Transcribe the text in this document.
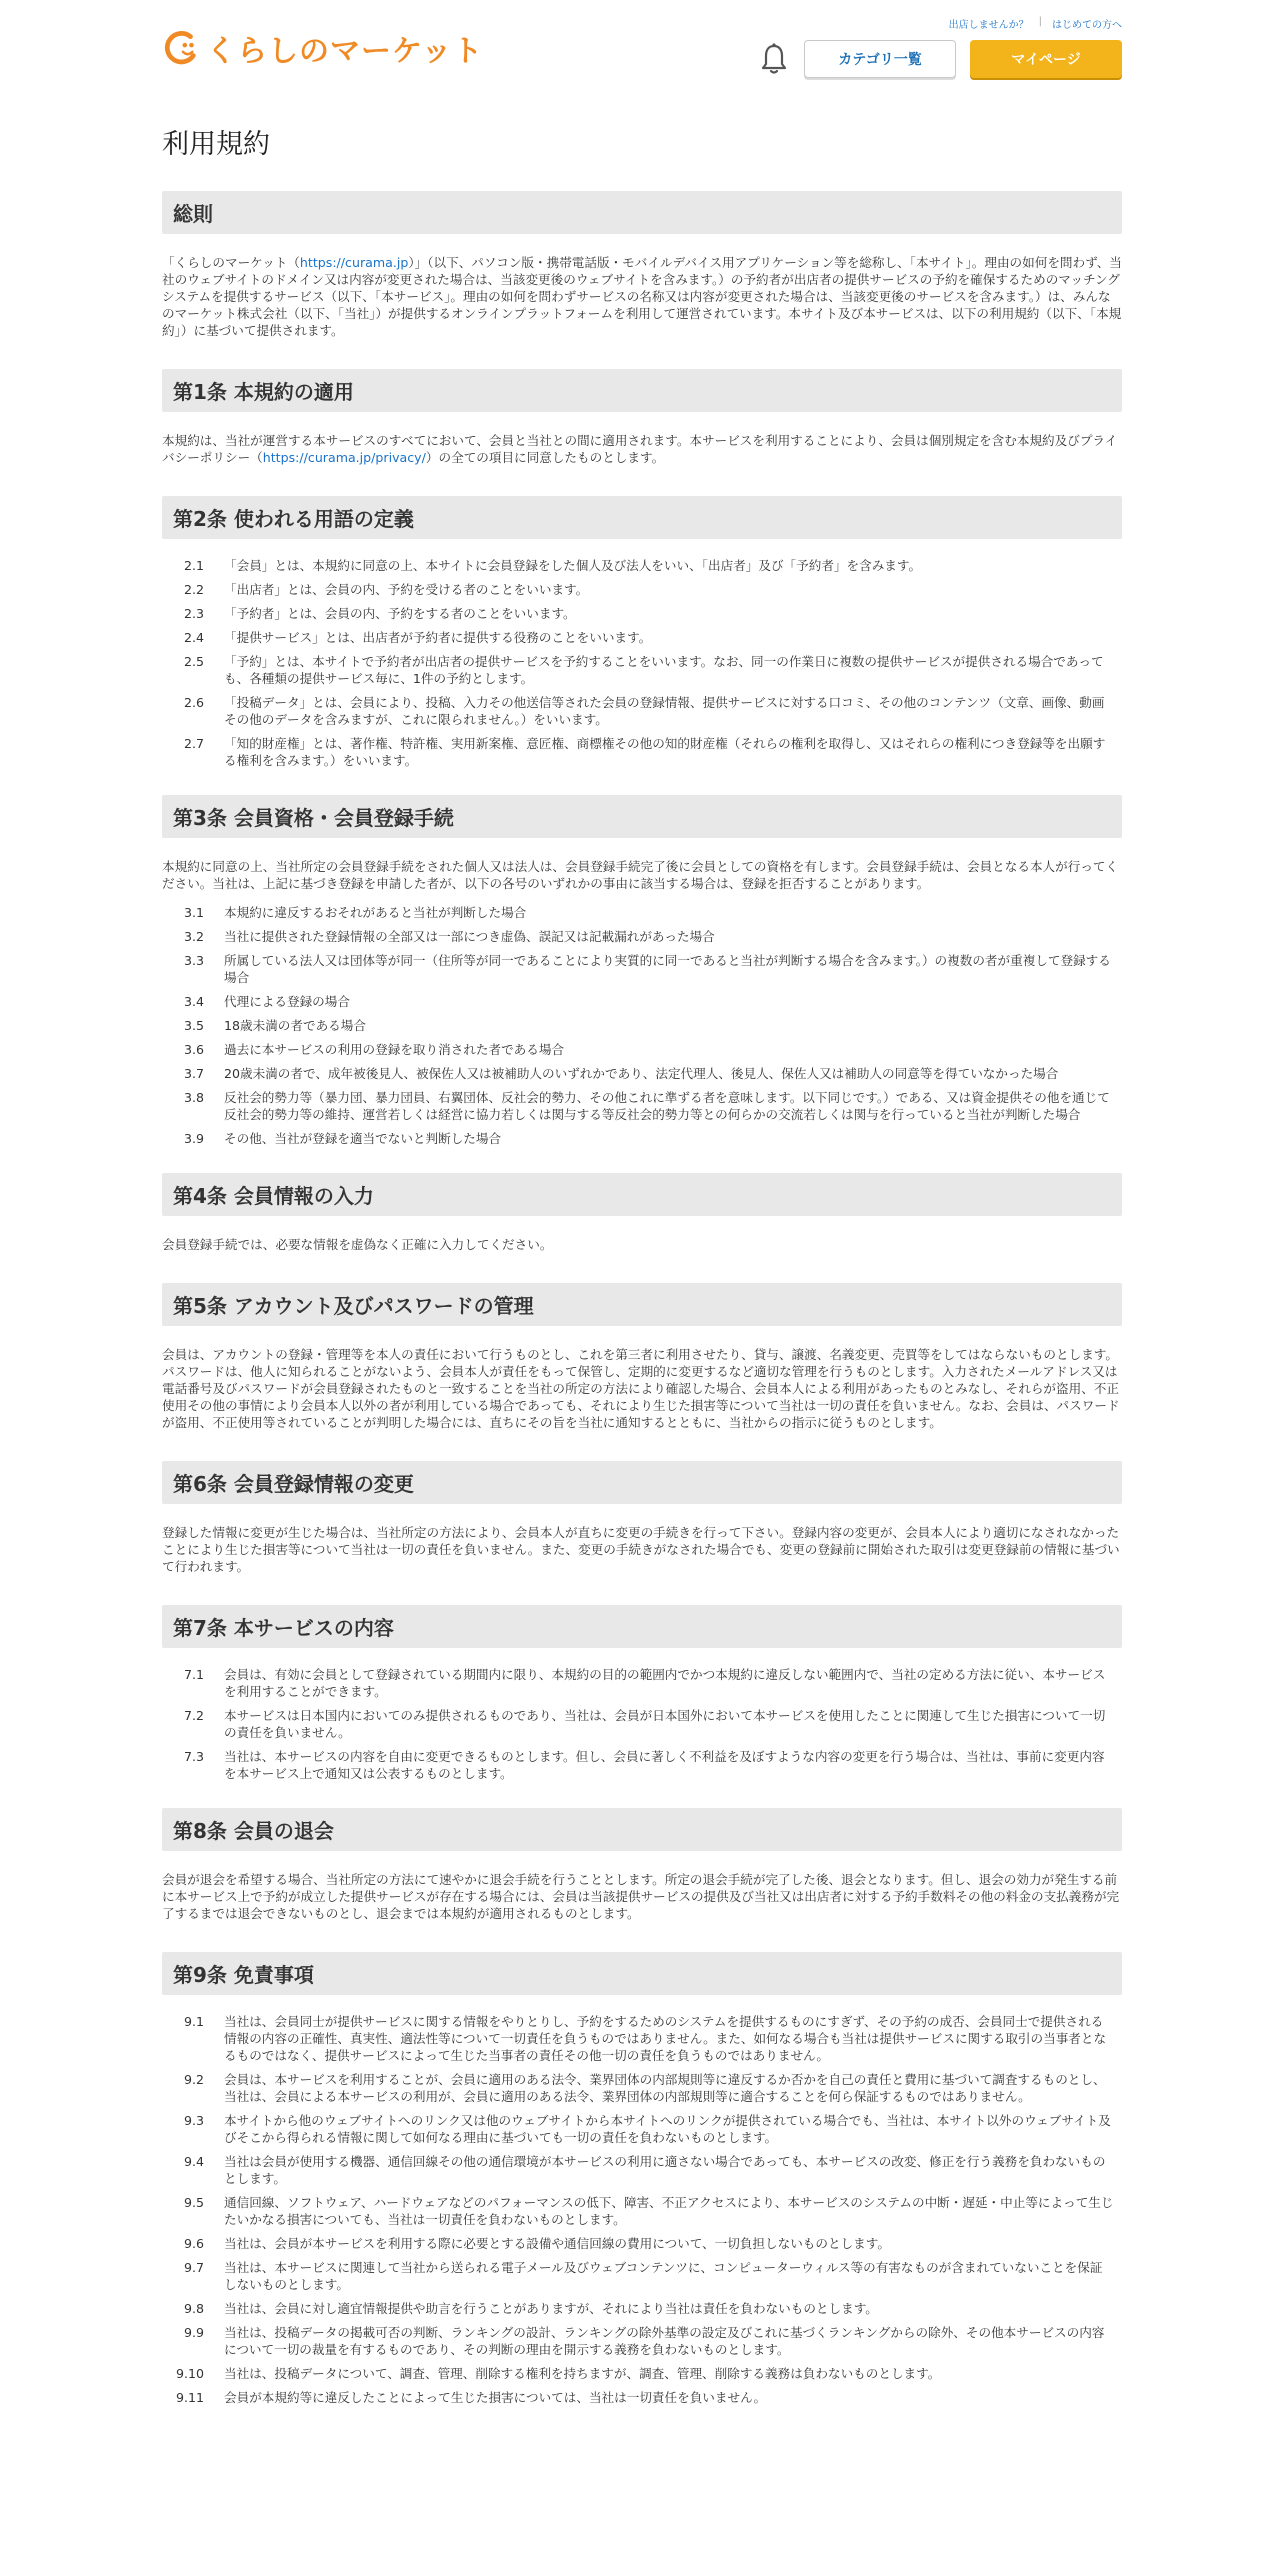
くらしのマーケット
出店しませんか？ | はじめての方へ
カテゴリ一覧	マイページ
利用規約
総則

「くらしのマーケット（https://curama.jp）」（以下、パソコン版・携帯電話版・モバイルデバイス用アプリケーション等を総称し、「本サイト」。理由の如何を問わず、当社のウェブサイトのドメイン又は内容が変更された場合は、当該変更後のウェブサイトを含みます。）の予約者が出店者の提供サービスの予約を確保するためのマッチングシステムを提供するサービス（以下、「本サービス」。理由の如何を問わずサービスの名称又は内容が変更された場合は、当該変更後のサービスを含みます。）は、みんなのマーケット株式会社（以下、「当社」）が提供するオンラインプラットフォームを利用して運営されています。本サイト及び本サービスは、以下の利用規約（以下、「本規約」）に基づいて提供されます。

第1条 本規約の適用

本規約は、当社が運営する本サービスのすべてにおいて、会員と当社との間に適用されます。本サービスを利用することにより、会員は個別規定を含む本規約及びプライバシーポリシー（https://curama.jp/privacy/）の全ての項目に同意したものとします。

第2条 使われる用語の定義
2.1	「会員」とは、本規約に同意の上、本サイトに会員登録をした個人及び法人をいい、「出店者」及び「予約者」を含みます。
2.2	「出店者」とは、会員の内、予約を受ける者のことをいいます。
2.3	「予約者」とは、会員の内、予約をする者のことをいいます。
2.4	「提供サービス」とは、出店者が予約者に提供する役務のことをいいます。
2.5	「予約」とは、本サイトで予約者が出店者の提供サービスを予約することをいいます。なお、同一の作業日に複数の提供サービスが提供される場合であっても、各種類の提供サービス毎に、1件の予約とします。
2.6	「投稿データ」とは、会員により、投稿、入力その他送信等された会員の登録情報、提供サービスに対する口コミ、その他のコンテンツ（文章、画像、動画その他のデータを含みますが、これに限られません。）をいいます。
2.7	「知的財産権」とは、著作権、特許権、実用新案権、意匠権、商標権その他の知的財産権（それらの権利を取得し、又はそれらの権利につき登録等を出願する権利を含みます。）をいいます。
第3条 会員資格・会員登録手続

本規約に同意の上、当社所定の会員登録手続をされた個人又は法人は、会員登録手続完了後に会員としての資格を有します。会員登録手続は、会員となる本人が行ってください。当社は、上記に基づき登録を申請した者が、以下の各号のいずれかの事由に該当する場合は、登録を拒否することがあります。

3.1	本規約に違反するおそれがあると当社が判断した場合
3.2	当社に提供された登録情報の全部又は一部につき虚偽、誤記又は記載漏れがあった場合
3.3	所属している法人又は団体等が同一（住所等が同一であることにより実質的に同一であると当社が判断する場合を含みます。）の複数の者が重複して登録する場合
3.4	代理による登録の場合
3.5	18歳未満の者である場合
3.6	過去に本サービスの利用の登録を取り消された者である場合
3.7	20歳未満の者で、成年被後見人、被保佐人又は被補助人のいずれかであり、法定代理人、後見人、保佐人又は補助人の同意等を得ていなかった場合
3.8	反社会的勢力等（暴力団、暴力団員、右翼団体、反社会的勢力、その他これに準ずる者を意味します。以下同じです。）である、又は資金提供その他を通じて反社会的勢力等の維持、運営若しくは経営に協力若しくは関与する等反社会的勢力等との何らかの交流若しくは関与を行っていると当社が判断した場合
3.9	その他、当社が登録を適当でないと判断した場合
第4条 会員情報の入力

会員登録手続では、必要な情報を虚偽なく正確に入力してください。

第5条 アカウント及びパスワードの管理

会員は、アカウントの登録・管理等を本人の責任において行うものとし、これを第三者に利用させたり、貸与、譲渡、名義変更、売買等をしてはならないものとします。パスワードは、他人に知られることがないよう、会員本人が責任をもって保管し、定期的に変更するなど適切な管理を行うものとします。入力されたメールアドレス又は電話番号及びパスワードが会員登録されたものと一致することを当社の所定の方法により確認した場合、会員本人による利用があったものとみなし、それらが盗用、不正使用その他の事情により会員本人以外の者が利用している場合であっても、それにより生じた損害等について当社は一切の責任を負いません。なお、会員は、パスワードが盗用、不正使用等されていることが判明した場合には、直ちにその旨を当社に通知するとともに、当社からの指示に従うものとします。

第6条 会員登録情報の変更

登録した情報に変更が生じた場合は、当社所定の方法により、会員本人が直ちに変更の手続きを行って下さい。登録内容の変更が、会員本人により適切になされなかったことにより生じた損害等について当社は一切の責任を負いません。また、変更の手続きがなされた場合でも、変更の登録前に開始された取引は変更登録前の情報に基づいて行われます。

第7条 本サービスの内容
7.1	会員は、有効に会員として登録されている期間内に限り、本規約の目的の範囲内でかつ本規約に違反しない範囲内で、当社の定める方法に従い、本サービスを利用することができます。
7.2	本サービスは日本国内においてのみ提供されるものであり、当社は、会員が日本国外において本サービスを使用したことに関連して生じた損害について一切の責任を負いません。
7.3	当社は、本サービスの内容を自由に変更できるものとします。但し、会員に著しく不利益を及ぼすような内容の変更を行う場合は、当社は、事前に変更内容を本サービス上で通知又は公表するものとします。
第8条 会員の退会

会員が退会を希望する場合、当社所定の方法にて速やかに退会手続を行うこととします。所定の退会手続が完了した後、退会となります。但し、退会の効力が発生する前に本サービス上で予約が成立した提供サービスが存在する場合には、会員は当該提供サービスの提供及び当社又は出店者に対する予約手数料その他の料金の支払義務が完了するまでは退会できないものとし、退会までは本規約が適用されるものとします。

第9条 免責事項
9.1	当社は、会員同士が提供サービスに関する情報をやりとりし、予約をするためのシステムを提供するものにすぎず、その予約の成否、会員同士で提供される情報の内容の正確性、真実性、適法性等について一切責任を負うものではありません。また、如何なる場合も当社は提供サービスに関する取引の当事者となるものではなく、提供サービスによって生じた当事者の責任その他一切の責任を負うものではありません。
9.2	会員は、本サービスを利用することが、会員に適用のある法令、業界団体の内部規則等に違反するか否かを自己の責任と費用に基づいて調査するものとし、当社は、会員による本サービスの利用が、会員に適用のある法令、業界団体の内部規則等に適合することを何ら保証するものではありません。
9.3	本サイトから他のウェブサイトへのリンク又は他のウェブサイトから本サイトへのリンクが提供されている場合でも、当社は、本サイト以外のウェブサイト及びそこから得られる情報に関して如何なる理由に基づいても一切の責任を負わないものとします。
9.4	当社は会員が使用する機器、通信回線その他の通信環境が本サービスの利用に適さない場合であっても、本サービスの改変、修正を行う義務を負わないものとします。
9.5	通信回線、ソフトウェア、ハードウェアなどのパフォーマンスの低下、障害、不正アクセスにより、本サービスのシステムの中断・遅延・中止等によって生じたいかなる損害についても、当社は一切責任を負わないものとします。
9.6	当社は、会員が本サービスを利用する際に必要とする設備や通信回線の費用について、一切負担しないものとします。
9.7	当社は、本サービスに関連して当社から送られる電子メール及びウェブコンテンツに、コンピューターウィルス等の有害なものが含まれていないことを保証しないものとします。
9.8	当社は、会員に対し適宜情報提供や助言を行うことがありますが、それにより当社は責任を負わないものとします。
9.9	当社は、投稿データの掲載可否の判断、ランキングの設計、ランキングの除外基準の設定及びこれに基づくランキングからの除外、その他本サービスの内容について一切の裁量を有するものであり、その判断の理由を開示する義務を負わないものとします。
9.10	当社は、投稿データについて、調査、管理、削除する権利を持ちますが、調査、管理、削除する義務は負わないものとします。
9.11	会員が本規約等に違反したことによって生じた損害については、当社は一切責任を負いません。
